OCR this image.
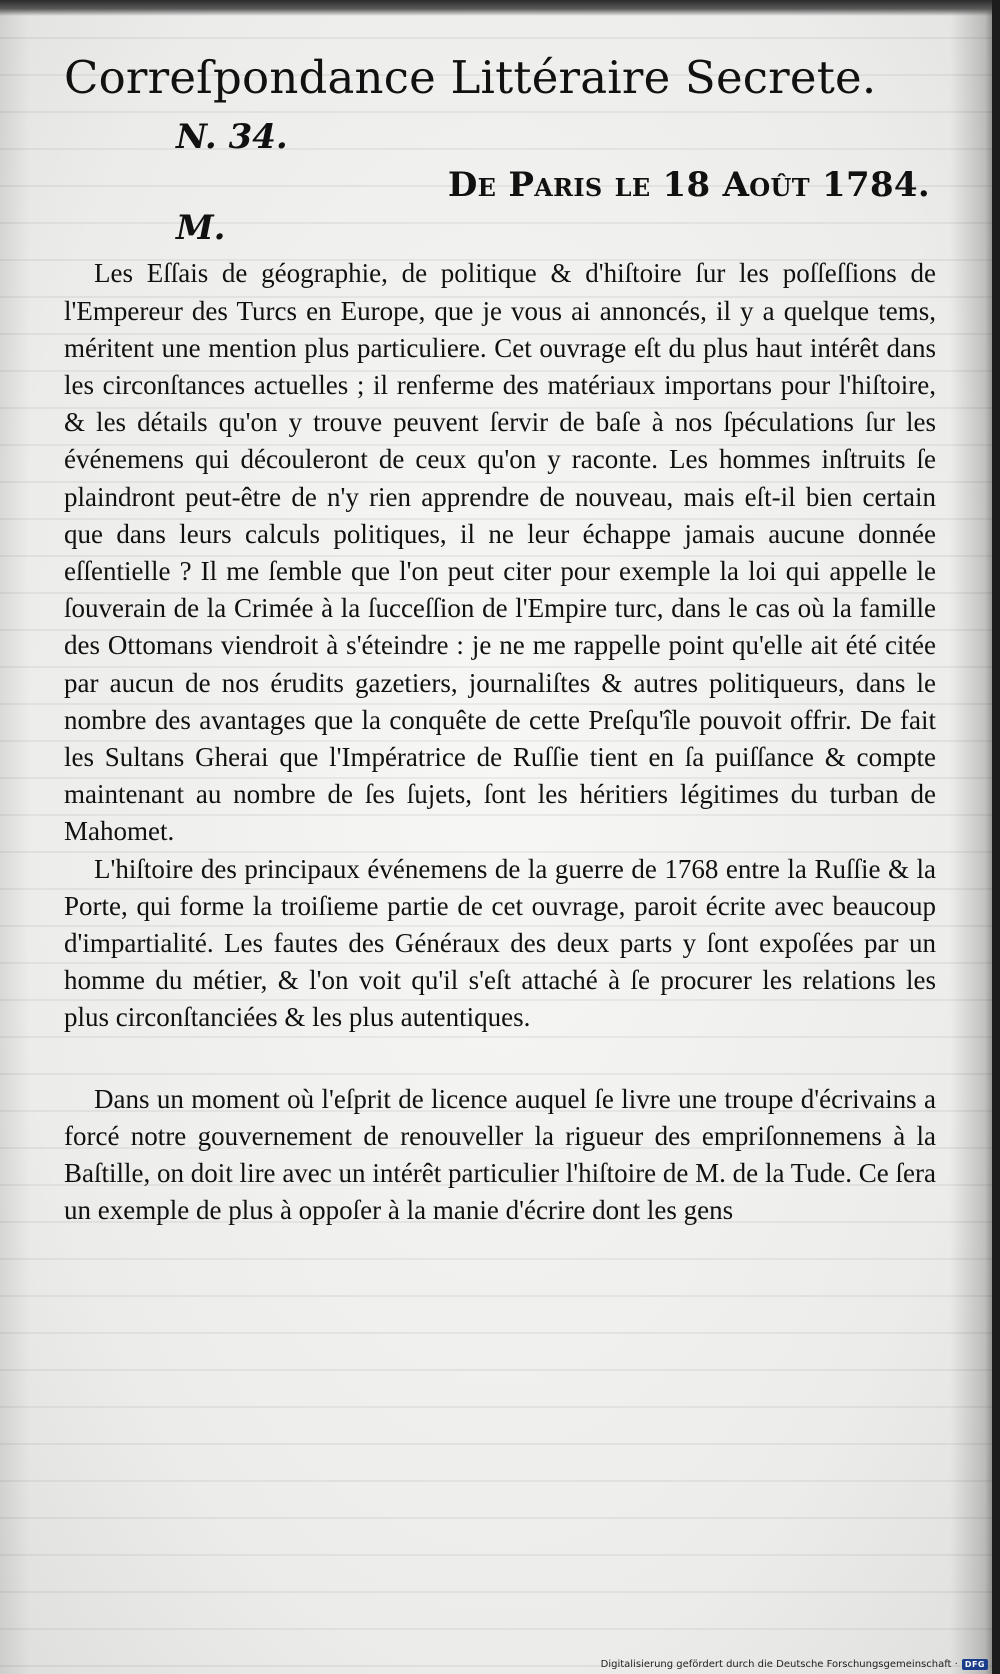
Correſpondance Littéraire Secrete.
N. 34.
De Paris le 18 Août 1784.
M.

Les Eſſais de géographie, de politique & d'hiſtoire ſur les poſſeſſions de l'Empereur des Turcs en Europe, que je vous ai annoncés, il y a quelque tems, méritent une mention plus particuliere. Cet ouvrage eſt du plus haut intérêt dans les circonſtances actuelles ; il renferme des matériaux importans pour l'hiſtoire, & les détails qu'on y trouve peuvent ſervir de baſe à nos ſpéculations ſur les événemens qui découleront de ceux qu'on y raconte. Les hommes inſtruits ſe plaindront peut-être de n'y rien apprendre de nouveau, mais eſt-il bien certain que dans leurs calculs politiques, il ne leur échappe jamais aucune donnée eſſentielle ? Il me ſemble que l'on peut citer pour exemple la loi qui appelle le ſouverain de la Crimée à la ſucceſſion de l'Empire turc, dans le cas où la famille des Ottomans viendroit à s'éteindre : je ne me rappelle point qu'elle ait été citée par aucun de nos érudits gazetiers, journaliſtes & autres politiqueurs, dans le nombre des avantages que la conquête de cette Preſqu'île pouvoit offrir. De fait les Sultans Gherai que l'Impératrice de Ruſſie tient en ſa puiſſance & compte maintenant au nombre de ſes ſujets, ſont les héritiers légitimes du turban de Mahomet.

L'hiſtoire des principaux événemens de la guerre de 1768 entre la Ruſſie & la Porte, qui forme la troiſieme partie de cet ouvrage, paroit écrite avec beaucoup d'impartialité. Les fautes des Généraux des deux parts y ſont expoſées par un homme du métier, & l'on voit qu'il s'eſt attaché à ſe procurer les relations les plus circonſtanciées & les plus autentiques.

Dans un moment où l'eſprit de licence auquel ſe livre une troupe d'écrivains a forcé notre gouvernement de renouveller la rigueur des empriſonnemens à la Baſtille, on doit lire avec un intérêt particulier l'hiſtoire de M. de la Tude. Ce ſera un exemple de plus à oppoſer à la manie d'écrire dont les gens

Digitalisierung gefördert durch die Deutsche Forschungsgemeinschaft · DFG
